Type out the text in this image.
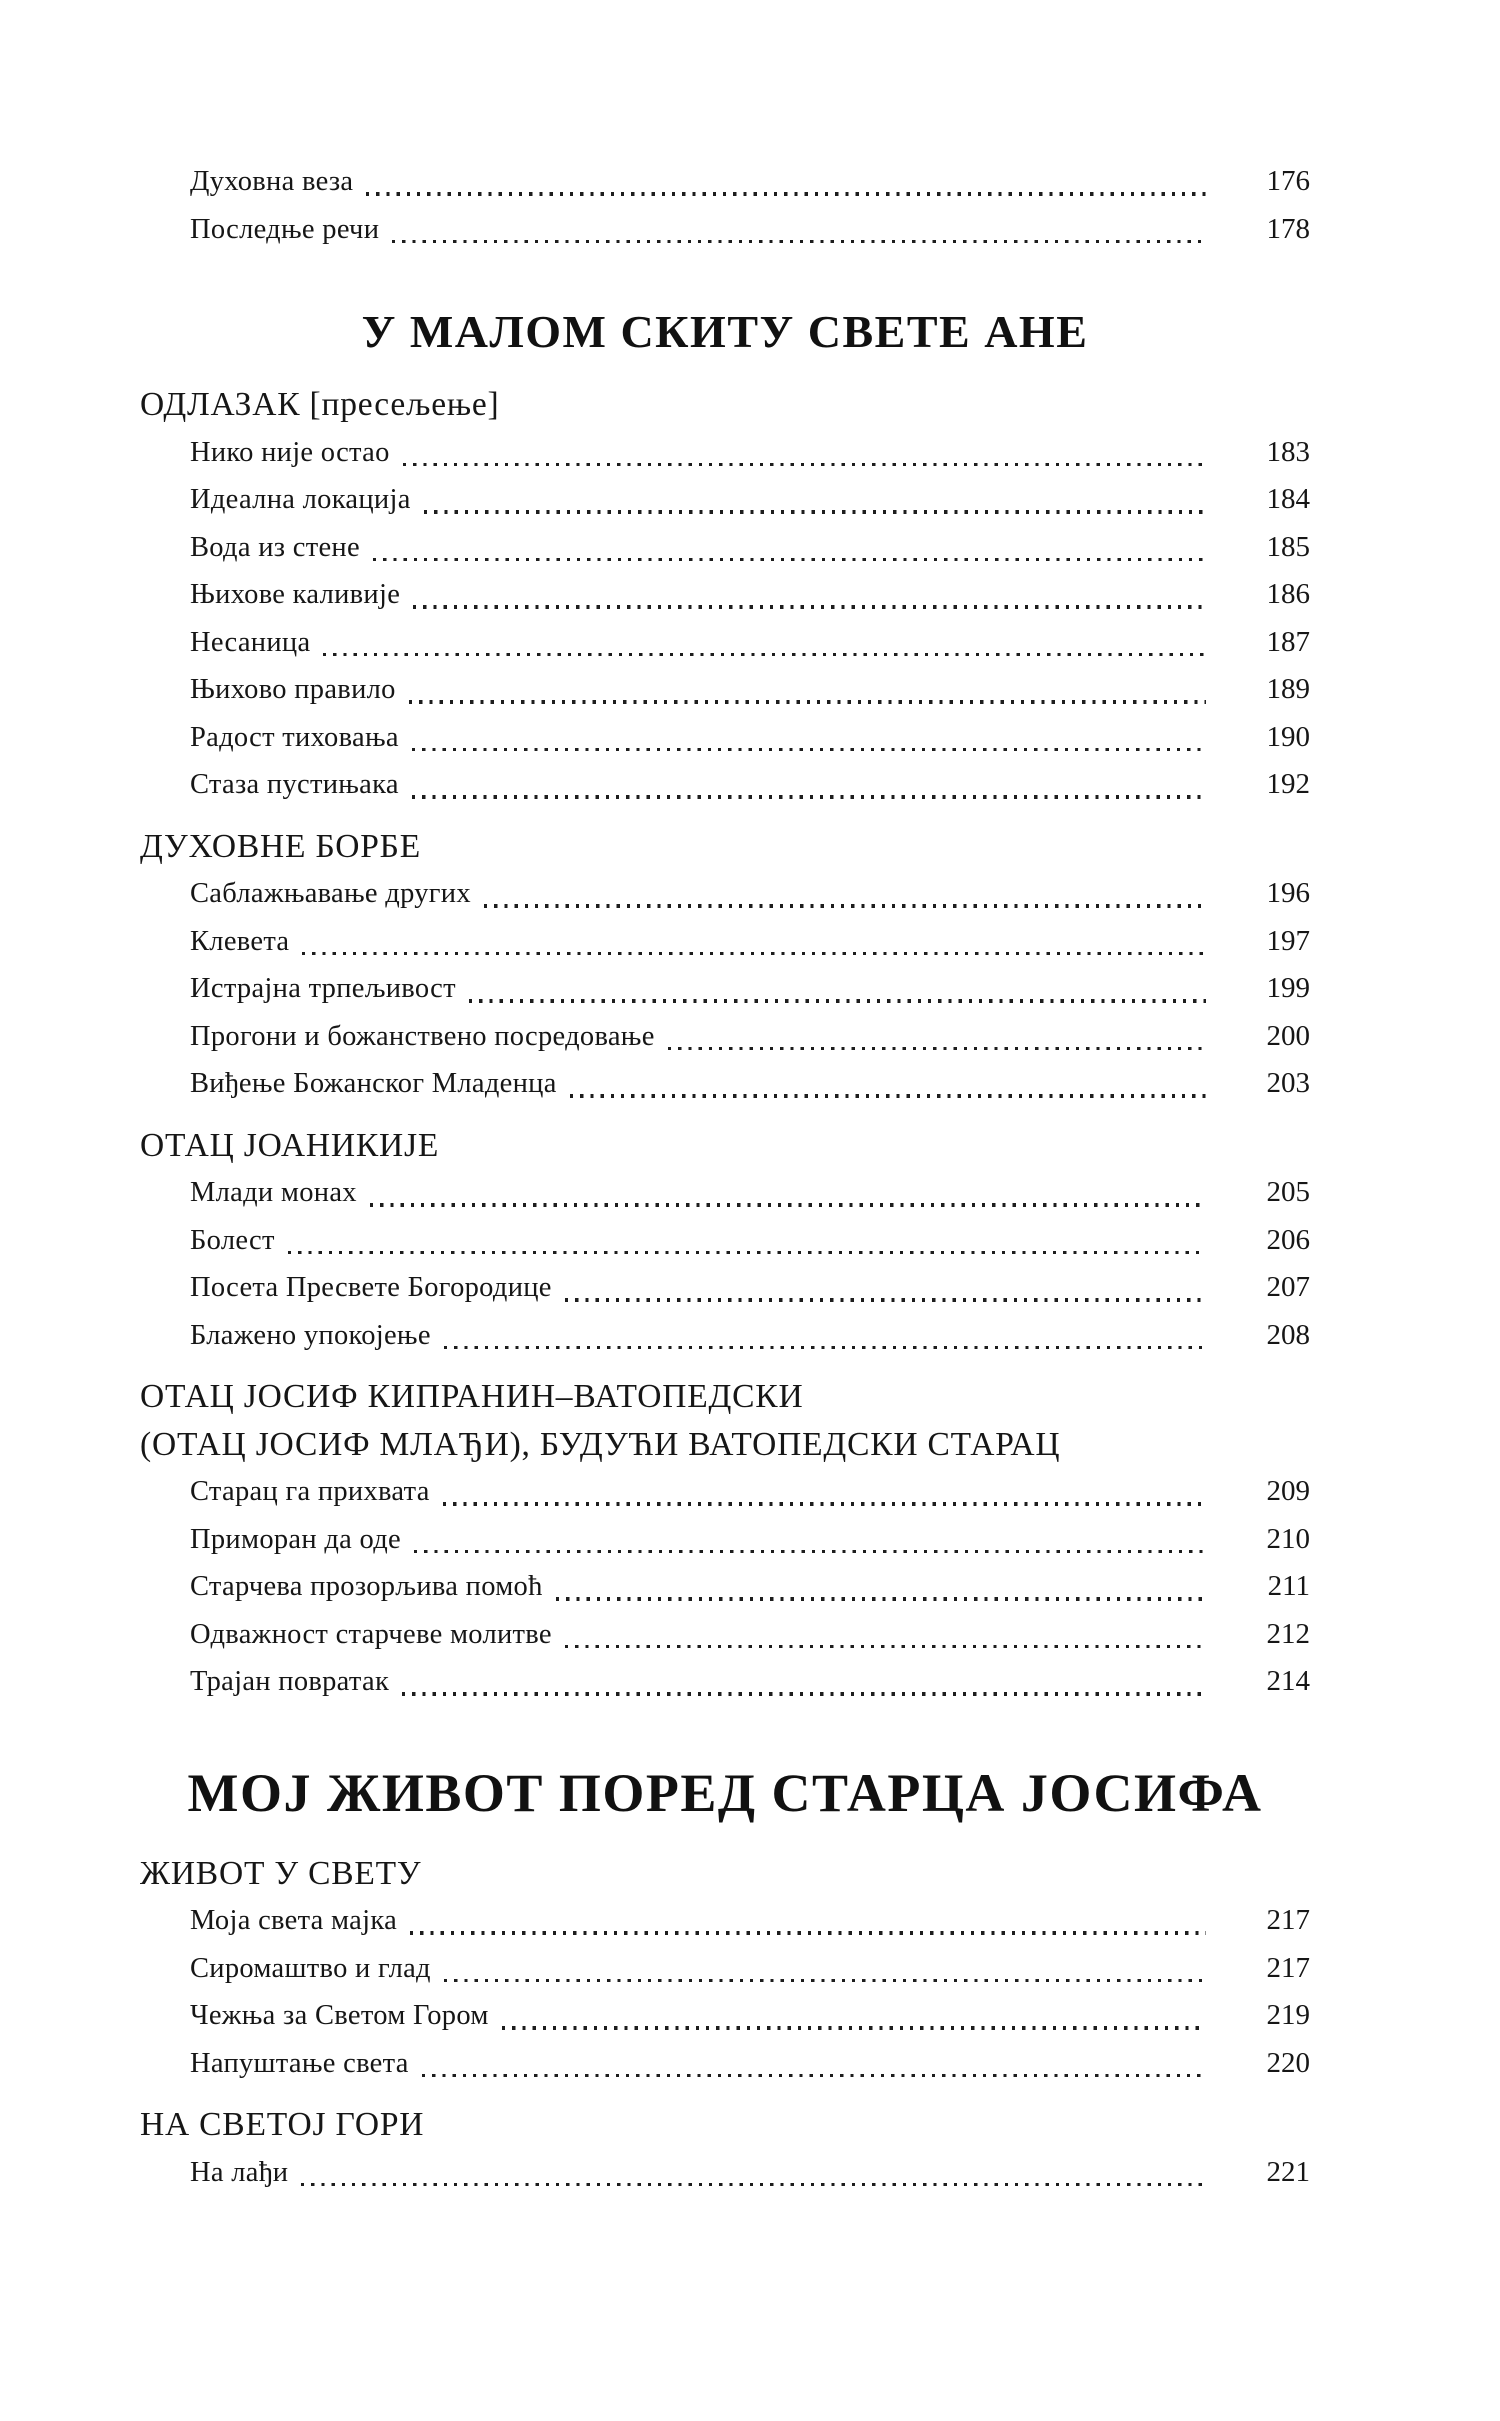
Духовна веза	176
Последње речи	178
У МАЛОМ СКИТУ СВЕТЕ АНЕ
ОДЛАЗАК [пресељење]
Нико није остао	183
Идеална локација	184
Вода из стене	185
Њихове каливије	186
Несаница	187
Њихово правило	189
Радост тиховања	190
Стаза пустињака	192
ДУХОВНЕ БОРБЕ
Саблажњавање других	196
Клевета	197
Истрајна трпељивост	199
Прогони и божанствено посредовање	200
Виђење Божанског Младенца	203
ОТАЦ ЈОАНИКИЈЕ
Млади монах	205
Болест	206
Посета Пресвете Богородице	207
Блажено упокојење	208
ОТАЦ ЈОСИФ КИПРАНИН–ВАТОПЕДСКИ
(ОТАЦ ЈОСИФ МЛАЂИ), БУДУЋИ ВАТОПЕДСКИ СТАРАЦ
Старац га прихвата	209
Приморан да оде	210
Старчева прозорљива помоћ	211
Одважност старчеве молитве	212
Трајан повратак	214
МОЈ ЖИВОТ ПОРЕД СТАРЦА ЈОСИФА
ЖИВОТ У СВЕТУ
Моја света мајка	217
Сиромаштво и глад	217
Чежња за Светом Гором	219
Напуштање света	220
НА СВЕТОЈ ГОРИ
На лађи	221
